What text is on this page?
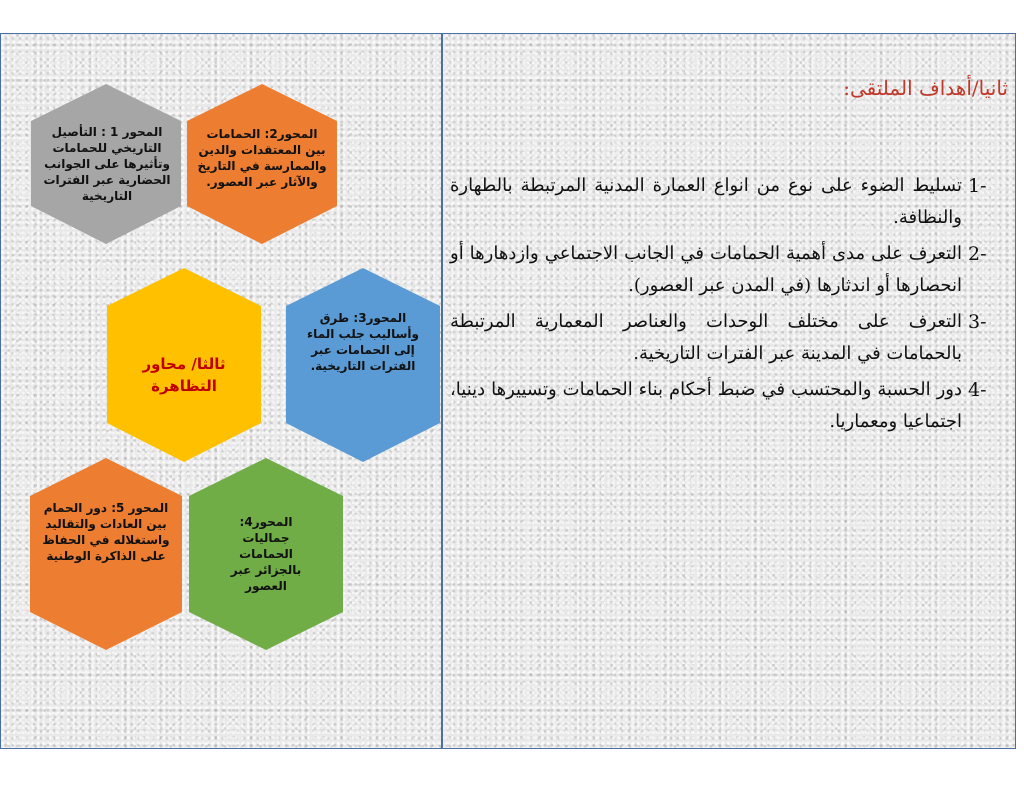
ثانيا/أهداف الملتقى:
1-
تسليط الضوء على نوع من انواع العمارة المدنية المرتبطة بالطهارة والنظافة.
2-
التعرف على مدى أهمية الحمامات في الجانب الاجتماعي وازدهارها أو انحصارها أو اندثارها (في المدن عبر العصور).
3-
التعرف على مختلف الوحدات والعناصر المعمارية المرتبطة بالحمامات في المدينة عبر الفترات التاريخية.
4-
دور الحسبة والمحتسب في ضبط أحكام بناء الحمامات وتسييرها دينيا، اجتماعيا ومعماريا.
المحور 1 : التأصيل التاريخي للحمامات وتأثيرها على الجوانب الحضارية عبر الفترات التاريخية
المحور2: الحمامات بين المعتقدات والدين والممارسة في التاريخ والآثار عبر العصور.
ثالثا/ محاور التظاهرة
المحور3: طرق وأساليب جلب الماء إلى الحمامات عبر الفترات التاريخية.
المحور 5: دور الحمام بين العادات والتقاليد واستغلاله في الحفاظ على الذاكرة الوطنية
المحور4: جماليات الحمامات بالجزائر عبر العصور
